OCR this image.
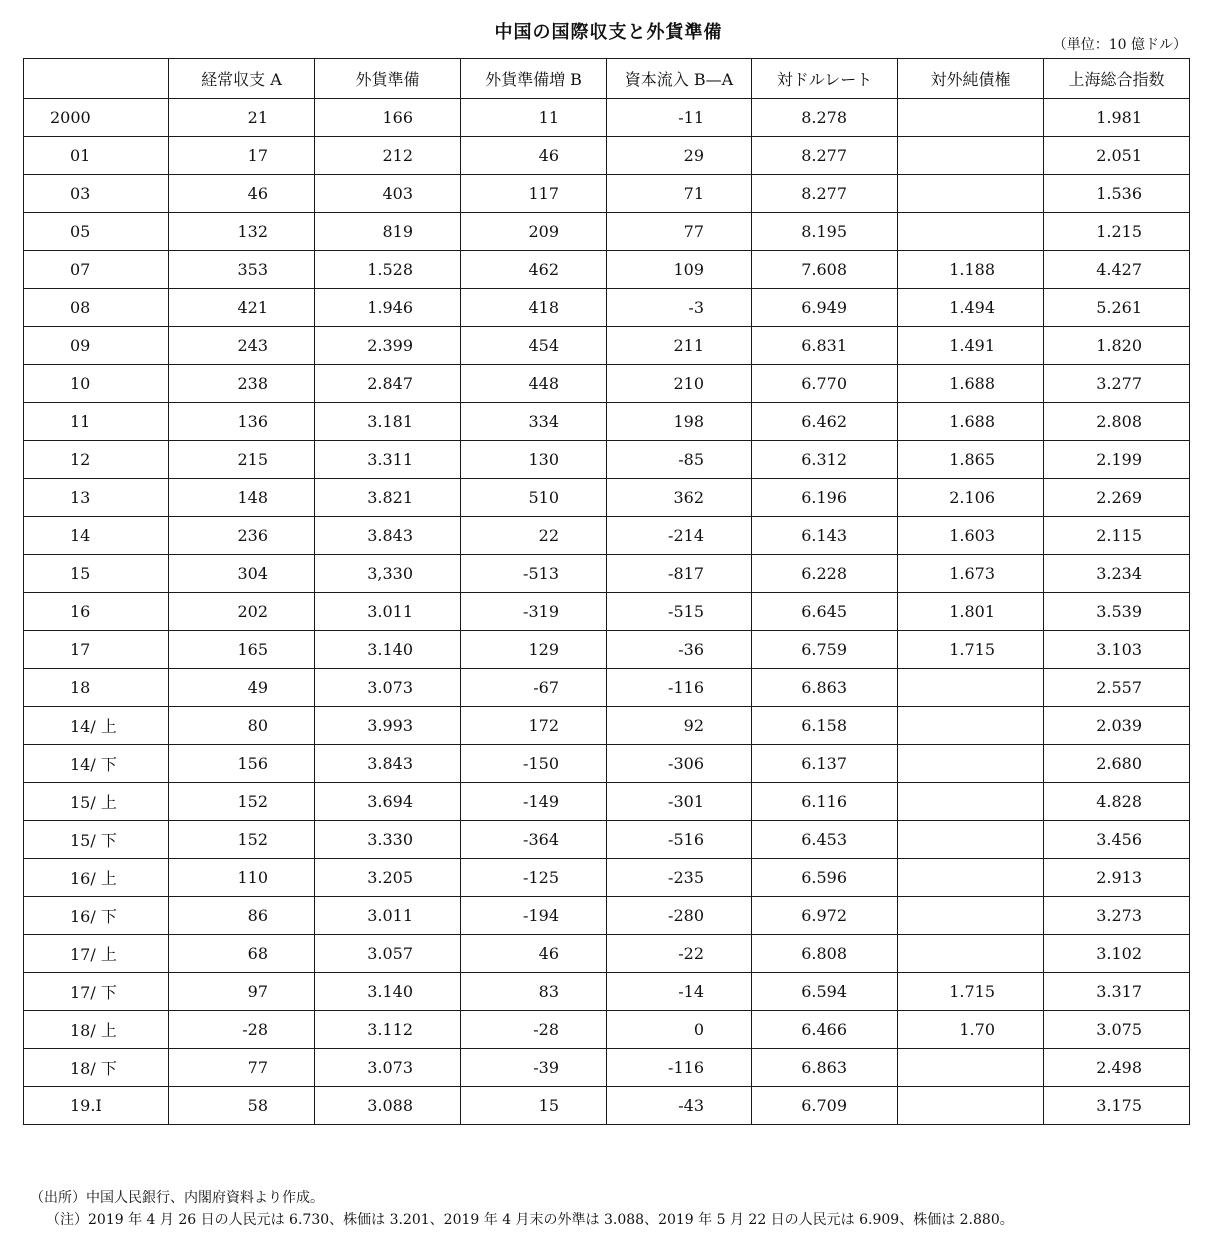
中国の国際収支と外貨準備
（単位：10 億ドル）
	経常収支 A	外貨準備	外貨準備増 B	資本流入 B—A	対ドルレート	対外純債権	上海総合指数
2000	21	166	11	-11	8.278		1.981
01	17	212	46	29	8.277		2.051
03	46	403	117	71	8.277		1.536
05	132	819	209	77	8.195		1.215
07	353	1.528	462	109	7.608	1.188	4.427
08	421	1.946	418	-3	6.949	1.494	5.261
09	243	2.399	454	211	6.831	1.491	1.820
10	238	2.847	448	210	6.770	1.688	3.277
11	136	3.181	334	198	6.462	1.688	2.808
12	215	3.311	130	-85	6.312	1.865	2.199
13	148	3.821	510	362	6.196	2.106	2.269
14	236	3.843	22	-214	6.143	1.603	2.115
15	304	3,330	-513	-817	6.228	1.673	3.234
16	202	3.011	-319	-515	6.645	1.801	3.539
17	165	3.140	129	-36	6.759	1.715	3.103
18	49	3.073	-67	-116	6.863		2.557
14/ 上	80	3.993	172	92	6.158		2.039
14/ 下	156	3.843	-150	-306	6.137		2.680
15/ 上	152	3.694	-149	-301	6.116		4.828
15/ 下	152	3.330	-364	-516	6.453		3.456
16/ 上	110	3.205	-125	-235	6.596		2.913
16/ 下	86	3.011	-194	-280	6.972		3.273
17/ 上	68	3.057	46	-22	6.808		3.102
17/ 下	97	3.140	83	-14	6.594	1.715	3.317
18/ 上	-28	3.112	-28	0	6.466	1.70	3.075
18/ 下	77	3.073	-39	-116	6.863		2.498
19.I	58	3.088	15	-43	6.709		3.175
（出所）中国人民銀行、内閣府資料より作成。
（注）2019 年 4 月 26 日の人民元は 6.730、株価は 3.201、2019 年 4 月末の外準は 3.088、2019 年 5 月 22 日の人民元は 6.909、株価は 2.880。
